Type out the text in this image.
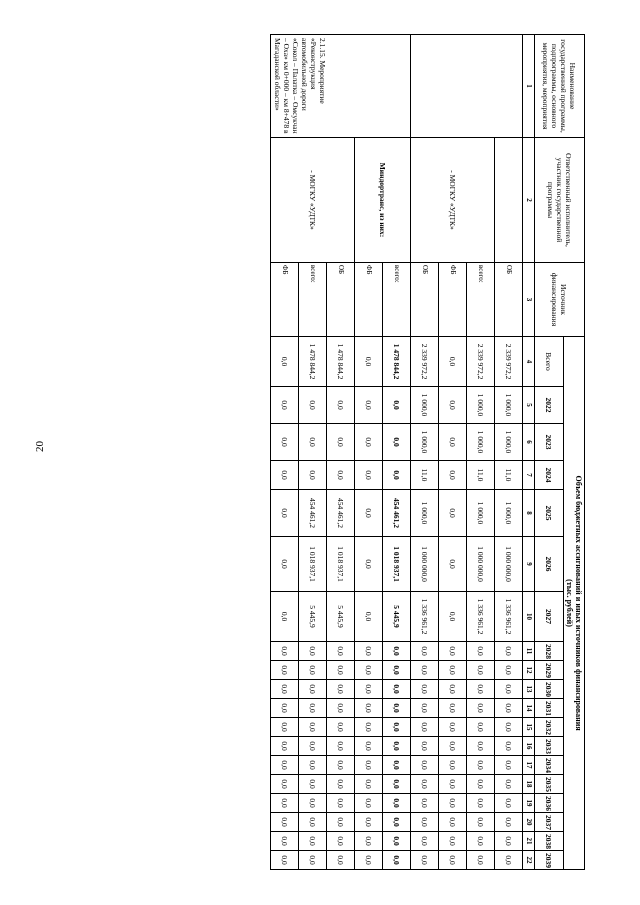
20
Наименование государственной программы, подпрограммы, основного мероприятия, мероприятия	Ответственный исполнитель, участник государственной программы	Источник финансирования	Объем бюджетных ассигнований и иных источников финансирования
(тыс. рублей)																		
			Всего	2022	2023	2024	2025	2026	2027	2028	2029	2030	2031	2032	2033	2034	2035	2036	2037	2038	2039
1	2	3	4	5	6	7	8	9	10	11	12	13	14	15	16	17	18	19	20	21	22
		ОБ	2 339 972,2	1 000,0	1 000,0	11,0	1 000,0	1 000 000,0	1 336 961,2	0,0	0,0	0,0	0,0	0,0	0,0	0,0	0,0	0,0	0,0	0,0	0,0
	- МОГКУ «УДТК»	всего:	2 339 972,2	1 000,0	1 000,0	11,0	1 000,0	1 000 000,0	1 336 961,2	0,0	0,0	0,0	0,0	0,0	0,0	0,0	0,0	0,0	0,0	0,0	0,0
		ФБ	0,0	0,0	0,0	0,0	0,0	0,0	0,0	0,0	0,0	0,0	0,0	0,0	0,0	0,0	0,0	0,0	0,0	0,0	0,0
		ОБ	2 339 972,2	1 000,0	1 000,0	11,0	1 000,0	1 000 000,0	1 336 961,2	0,0	0,0	0,0	0,0	0,0	0,0	0,0	0,0	0,0	0,0	0,0	0,0
2.1.15. Мероприятие «Реконструкция автомобильной дороги «Сокол – Палатка – Омсукчан – Оха» км 0+000 – км 8+478 в Магаданской области»	Миндортранс, из них:	всего:	1 478 844,2	0,0	0,0	0,0	454 461,2	1 018 937,1	5 445,9	0,0	0,0	0,0	0,0	0,0	0,0	0,0	0,0	0,0	0,0	0,0	0,0
		ФБ	0,0	0,0	0,0	0,0	0,0	0,0	0,0	0,0	0,0	0,0	0,0	0,0	0,0	0,0	0,0	0,0	0,0	0,0	0,0
	- МОГКУ «УДТК»	ОБ	1 478 844,2	0,0	0,0	0,0	454 461,2	1 018 937,1	5 445,9	0,0	0,0	0,0	0,0	0,0	0,0	0,0	0,0	0,0	0,0	0,0	0,0
		всего:	1 478 844,2	0,0	0,0	0,0	454 461,2	1 018 937,1	5 445,9	0,0	0,0	0,0	0,0	0,0	0,0	0,0	0,0	0,0	0,0	0,0	0,0
		ФБ	0,0	0,0	0,0	0,0	0,0	0,0	0,0	0,0	0,0	0,0	0,0	0,0	0,0	0,0	0,0	0,0	0,0	0,0	0,0
